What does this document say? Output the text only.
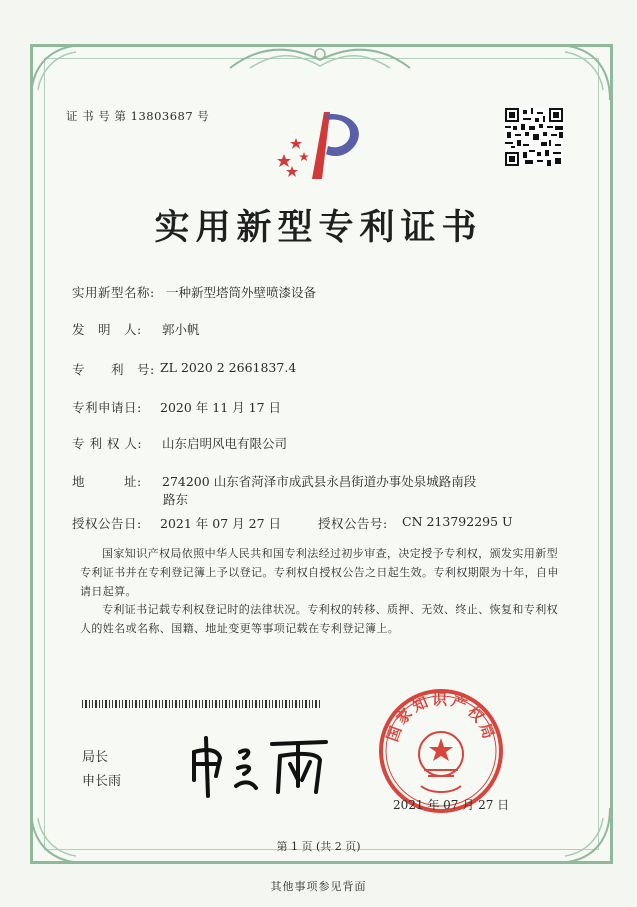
证 书 号 第 13803687 号
实用新型专利证书
实用新型名称: 一种新型塔筒外壁喷漆设备
发　明　人: 郭小帆
专　　利　号: ZL 2020 2 2661837.4
专利申请日: 2020 年 11 月 17 日
专 利 权 人: 山东启明风电有限公司
地　　　址: 274200 山东省菏泽市成武县永昌街道办事处泉城路南段
路东
授权公告日: 2021 年 07 月 27 日	授权公告号: CN 213792295 U
国家知识产权局依照中华人民共和国专利法经过初步审查，决定授予专利权，颁发实用新型专利证书并在专利登记簿上予以登记。专利权自授权公告之日起生效。专利权期限为十年，自申请日起算。
专利证书记载专利权登记时的法律状况。专利权的转移、质押、无效、终止、恢复和专利权人的姓名或名称、国籍、地址变更等事项记载在专利登记簿上。
局长
申长雨
国家知识产权局
2021 年 07 月 27 日
第 1 页 (共 2 页)
其他事项参见背面
